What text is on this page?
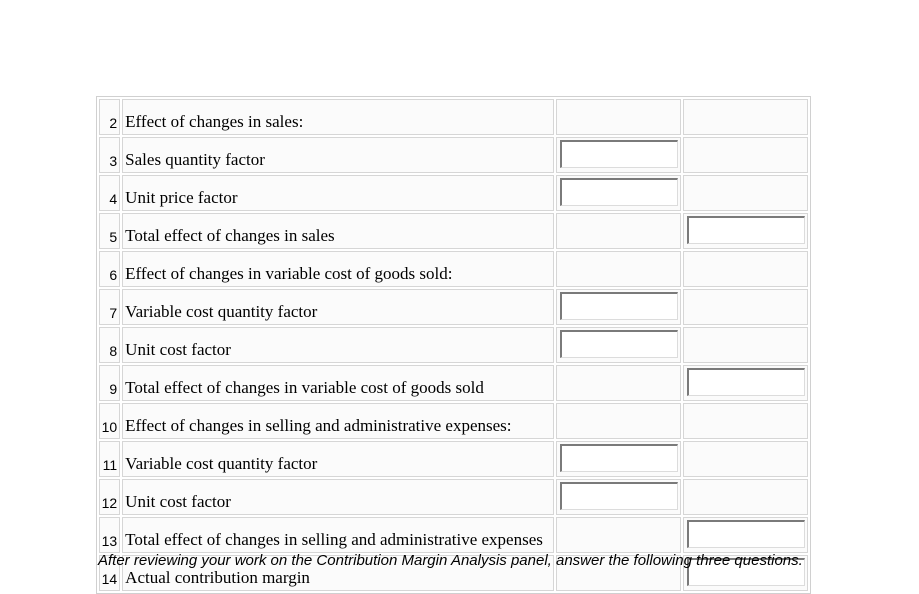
2	Effect of changes in sales:		
3	Sales quantity factor	

4	Unit price factor	

5	Total effect of changes in sales		

6	Effect of changes in variable cost of goods sold:		
7	Variable cost quantity factor	

8	Unit cost factor	

9	Total effect of changes in variable cost of goods sold		

10	Effect of changes in selling and administrative expenses:		
11	Variable cost quantity factor	

12	Unit cost factor	

13	Total effect of changes in selling and administrative expenses		

14	Actual contribution margin		
After reviewing your work on the Contribution Margin Analysis panel, answer the following three questions.
